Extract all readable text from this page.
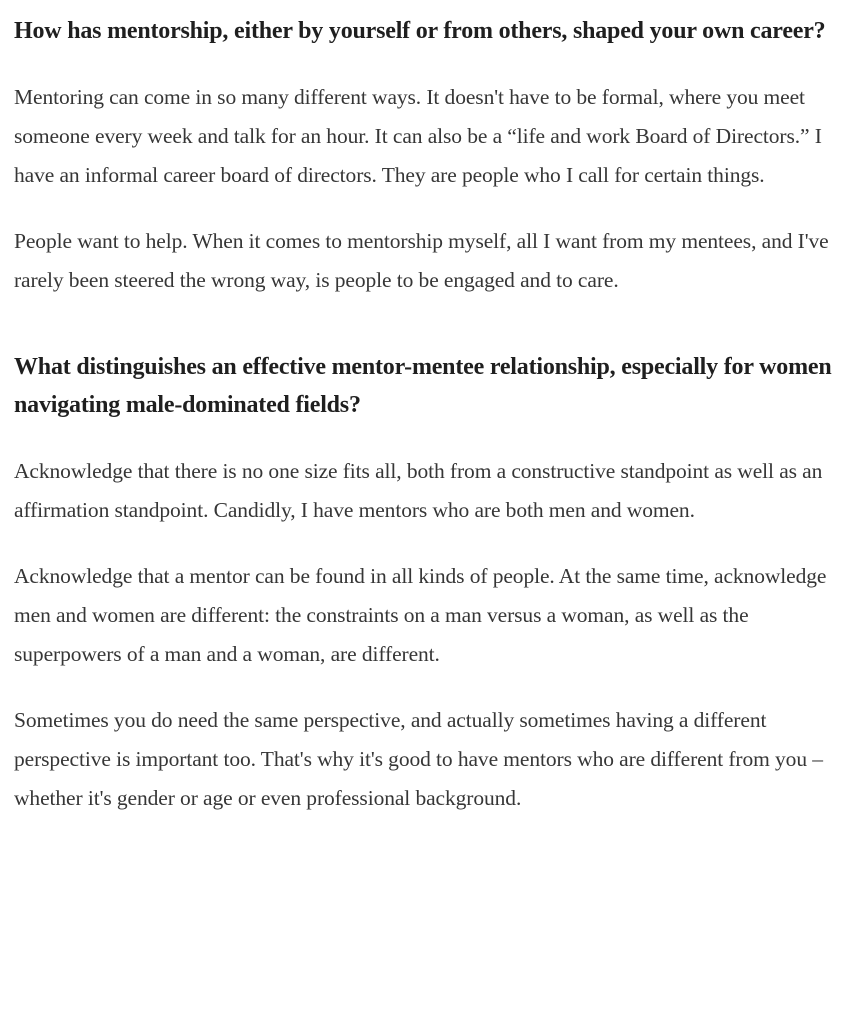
How has mentorship, either by yourself or from others, shaped your own career?

Mentoring can come in so many different ways. It doesn't have to be formal, where you meet someone every week and talk for an hour. It can also be a “life and work Board of Directors.” I have an informal career board of directors. They are people who I call for certain things.

People want to help. When it comes to mentorship myself, all I want from my mentees, and I've rarely been steered the wrong way, is people to be engaged and to care.

What distinguishes an effective mentor-mentee relationship, especially for women navigating male-dominated fields?

Acknowledge that there is no one size fits all, both from a constructive standpoint as well as an affirmation standpoint. Candidly, I have mentors who are both men and women.

Acknowledge that a mentor can be found in all kinds of people. At the same time, acknowledge men and women are different: the constraints on a man versus a woman, as well as the superpowers of a man and a woman, are different.

Sometimes you do need the same perspective, and actually sometimes having a different perspective is important too. That's why it's good to have mentors who are different from you – whether it's gender or age or even professional background.
